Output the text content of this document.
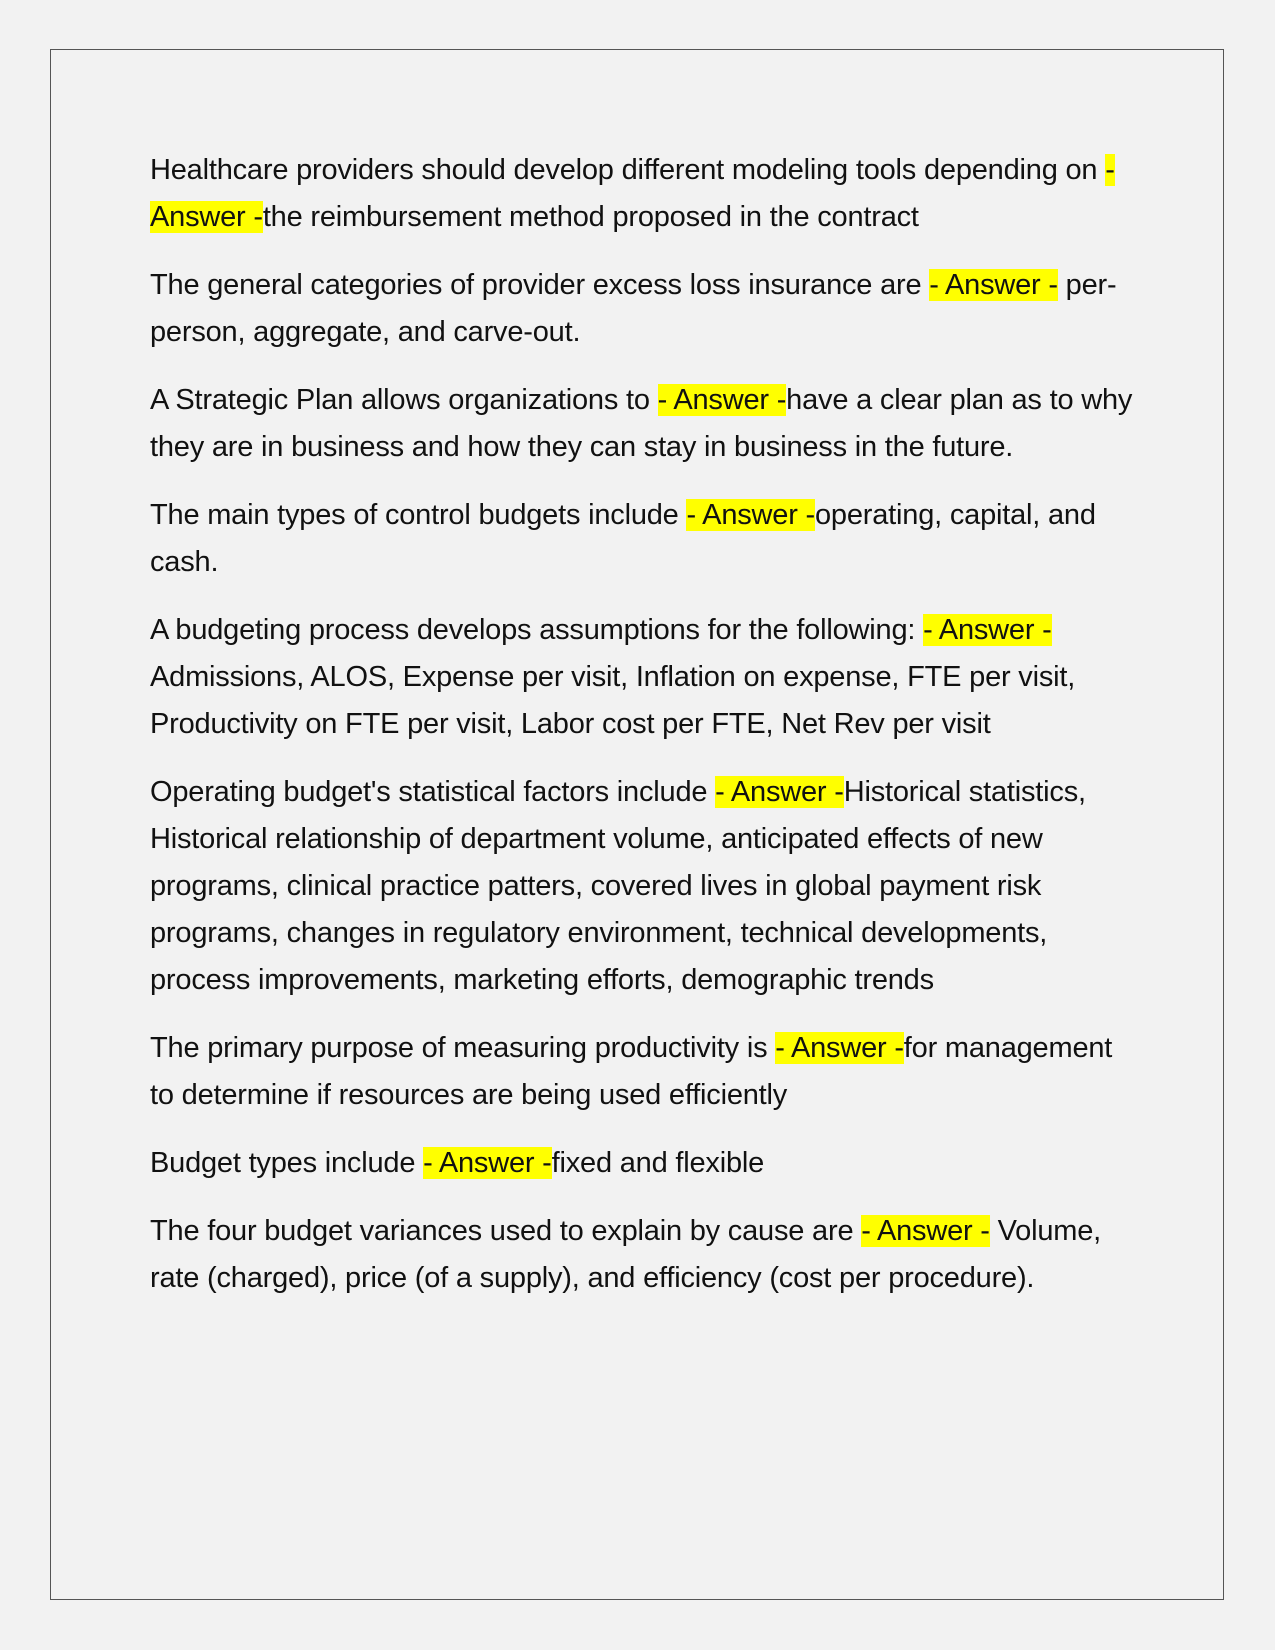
Healthcare providers should develop different modeling tools depending on - Answer -the reimbursement method proposed in the contract

The general categories of provider excess loss insurance are - Answer - per-person, aggregate, and carve-out.

A Strategic Plan allows organizations to - Answer -have a clear plan as to why they are in business and how they can stay in business in the future.

The main types of control budgets include - Answer -operating, capital, and cash.

A budgeting process develops assumptions for the following: - Answer - Admissions, ALOS, Expense per visit, Inflation on expense, FTE per visit, Productivity on FTE per visit, Labor cost per FTE, Net Rev per visit

Operating budget's statistical factors include - Answer -Historical statistics, Historical relationship of department volume, anticipated effects of new programs, clinical practice patters, covered lives in global payment risk programs, changes in regulatory environment, technical developments, process improvements, marketing efforts, demographic trends

The primary purpose of measuring productivity is - Answer -for management to determine if resources are being used efficiently

Budget types include - Answer -fixed and flexible

The four budget variances used to explain by cause are - Answer - Volume, rate (charged), price (of a supply), and efficiency (cost per procedure).
